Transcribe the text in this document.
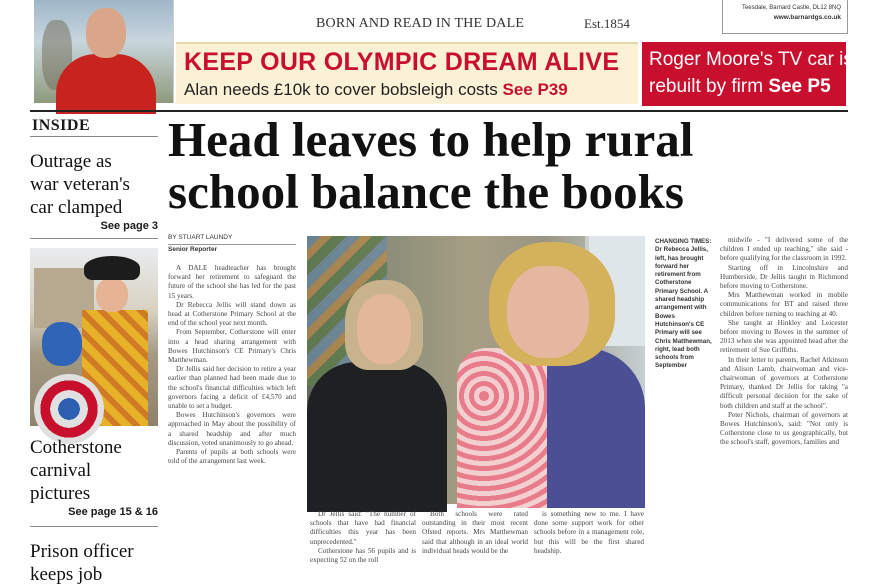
BORN AND READ IN THE DALE	Est.1854
Teesdale, Barnard Castle, DL12 8NQ
www.barnardgs.co.uk
KEEP OUR OLYMPIC DREAM ALIVE
Alan needs £10k to cover bobsleigh costs See P39
Roger Moore's TV car is
rebuilt by firm See P5
INSIDE
Outrage as
war veteran's
car clamped
See page 3
Cotherstone
carnival
pictures
See page 15 & 16
Prison officer
keeps job
Head leaves to help rural
school balance the books
BY STUART LAUNDY
Senior Reporter

A DALE headteacher has brought forward her retirement to safeguard the future of the school she has led for the past 15 years.

Dr Rebecca Jellis will stand down as head at Cotherstone Primary School at the end of the school year next month.

From September, Cotherstone will enter into a head sharing arrangement with Bowes Hutchinson's CE Primary's Chris Matthewman.

Dr Jellis said her decision to retire a year earlier than planned had been made due to the school's financial difficulties which left governors facing a deficit of £4,570 and unable to set a budget.

Bowes Hutchinson's governors were approached in May about the possibility of a shared headship and after much discussion, voted unanimously to go ahead.

Parents of pupils at both schools were told of the arrangement last week.

CHANGING TIMES: Dr Rebecca Jellis, left, has brought forward her retirement from Cotherstone Primary School. A shared headship arrangement with Bowes Hutchinson's CE Primary will see Chris Matthewman, right, lead both schools from September

Dr Jellis said: "The number of schools that have had financial difficulties this year has been unprecedented."

Cotherstone has 56 pupils and is expecting 52 on the roll

Both schools were rated outstanding in their most recent Ofsted reports. Mrs Matthewman said that although in an ideal world individual heads would be the

is something new to me. I have done some support work for other schools before in a management role, but this will be the first shared headship.

midwife - "I delivered some of the children I ended up teaching," she said - before qualifying for the classroom in 1992.

Starting off in Lincolnshire and Humberside, Dr Jellis taught in Richmond before moving to Cotherstone.

Mrs Matthewman worked in mobile communications for BT and raised three children before turning to teaching at 40.

She taught at Hinkley and Leicester before moving to Bowes in the summer of 2013 when she was appointed head after the retirement of Sue Griffiths.

In their letter to parents, Rachel Atkinson and Alison Lamb, chairwoman and vice-chairwoman of governors at Cotherstone Primary, thanked Dr Jellis for taking "a difficult personal decision for the sake of both children and staff at the school".

Peter Nichols, chairman of governors at Bowes Hutchinson's, said: "Not only is Cotherstone close to us geographically, but the school's staff, governors, families and
